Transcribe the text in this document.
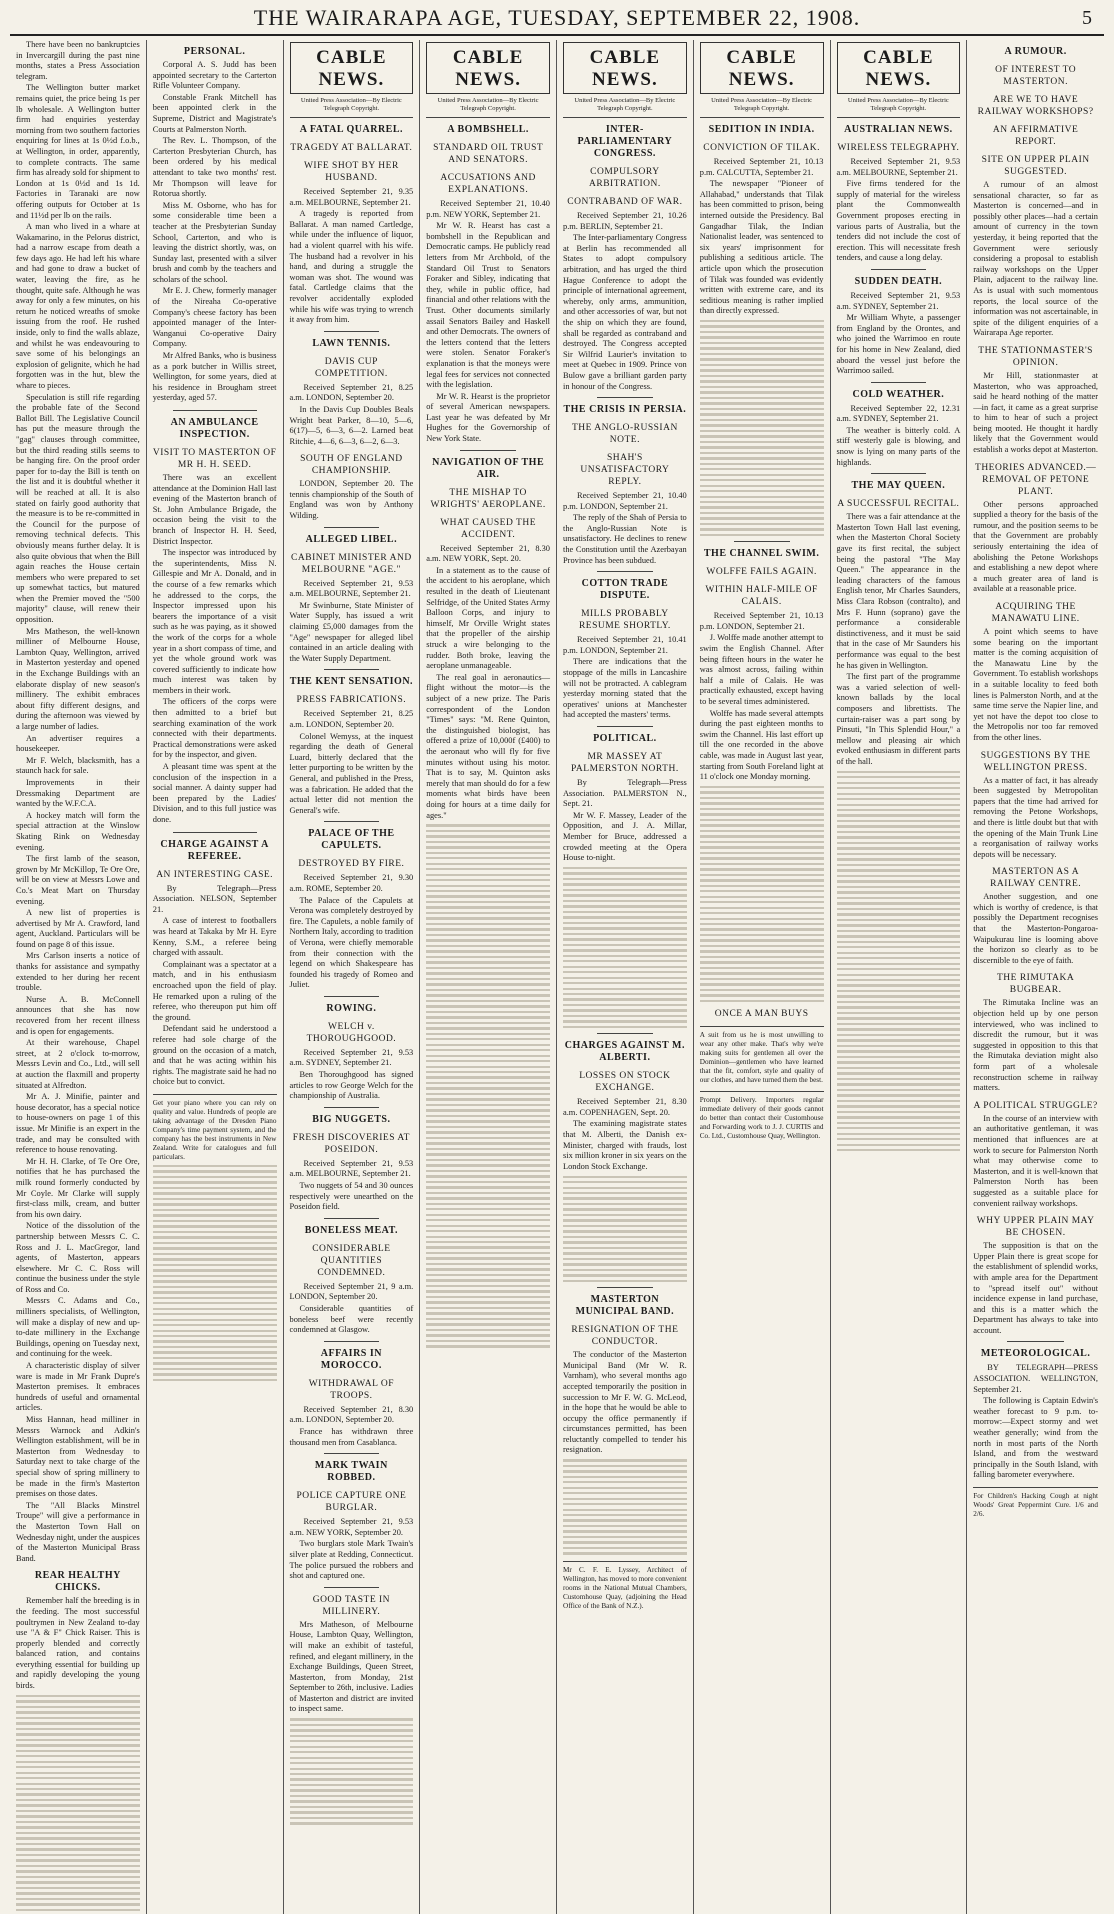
THE WAIRARAPA AGE, TUESDAY, SEPTEMBER 22, 1908.	5

There have been no bankruptcies in Invercargill during the past nine months, states a Press Association telegram.

The Wellington butter market remains quiet, the price being 1s per lb wholesale. A Wellington butter firm had enquiries yesterday morning from two southern factories enquiring for lines at 1s 0½d f.o.b., at Wellington, in order, apparently, to complete contracts. The same firm has already sold for shipment to London at 1s 0½d and 1s 1d. Factories in Taranaki are now offering outputs for October at 1s and 11½d per lb on the rails.

A man who lived in a whare at Wakamarino, in the Pelorus district, had a narrow escape from death a few days ago. He had left his whare and had gone to draw a bucket of water, leaving the fire, as he thought, quite safe. Although he was away for only a few minutes, on his return he noticed wreaths of smoke issuing from the roof. He rushed inside, only to find the walls ablaze, and whilst he was endeavouring to save some of his belongings an explosion of gelignite, which he had forgotten was in the hut, blew the whare to pieces.

Speculation is still rife regarding the probable fate of the Second Ballot Bill. The Legislative Council has put the measure through the "gag" clauses through committee, but the third reading stills seems to be hanging fire. On the proof order paper for to-day the Bill is tenth on the list and it is doubtful whether it will be reached at all. It is also stated on fairly good authority that the measure is to be re-committed in the Council for the purpose of removing technical defects. This obviously means further delay. It is also quite obvious that when the Bill again reaches the House certain members who were prepared to set up somewhat tactics, but matured when the Premier moved the "500 majority" clause, will renew their opposition.

Mrs Matheson, the well-known milliner of Melbourne House, Lambton Quay, Wellington, arrived in Masterton yesterday and opened in the Exchange Buildings with an elaborate display of new season's millinery. The exhibit embraces about fifty different designs, and during the afternoon was viewed by a large number of ladies.

An advertiser requires a housekeeper.

Mr F. Welch, blacksmith, has a staunch hack for sale.

Improvements in their Dressmaking Department are wanted by the W.F.C.A.

A hockey match will form the special attraction at the Winslow Skating Rink on Wednesday evening.

The first lamb of the season, grown by Mr McKillop, Te Ore Ore, will be on view at Messrs Lowe and Co.'s Meat Mart on Thursday evening.

A new list of properties is advertised by Mr A. Crawford, land agent, Auckland. Particulars will be found on page 8 of this issue.

Mrs Carlson inserts a notice of thanks for assistance and sympathy extended to her during her recent trouble.

Nurse A. B. McConnell announces that she has now recovered from her recent illness and is open for engagements.

At their warehouse, Chapel street, at 2 o'clock to-morrow, Messrs Levin and Co., Ltd., will sell at auction the flaxmill and property situated at Alfredton.

Mr A. J. Minifie, painter and house decorator, has a special notice to house-owners on page 1 of this issue. Mr Minifie is an expert in the trade, and may be consulted with reference to house renovating.

Mr H. H. Clarke, of Te Ore Ore, notifies that he has purchased the milk round formerly conducted by Mr Coyle. Mr Clarke will supply first-class milk, cream, and butter from his own dairy.

Notice of the dissolution of the partnership between Messrs C. C. Ross and J. L. MacGregor, land agents, of Masterton, appears elsewhere. Mr C. C. Ross will continue the business under the style of Ross and Co.

Messrs C. Adams and Co., milliners specialists, of Wellington, will make a display of new and up-to-date millinery in the Exchange Buildings, opening on Tuesday next, and continuing for the week.

A characteristic display of silver ware is made in Mr Frank Dupre's Masterton premises. It embraces hundreds of useful and ornamental articles.

Miss Hannan, head milliner in Messrs Warnock and Adkin's Wellington establishment, will be in Masterton from Wednesday to Saturday next to take charge of the special show of spring millinery to be made in the firm's Masterton premises on those dates.

The "All Blacks Minstrel Troupe" will give a performance in the Masterton Town Hall on Wednesday night, under the auspices of the Masterton Municipal Brass Band.

REAR HEALTHY CHICKS.

Remember half the breeding is in the feeding. The most successful poultrymen in New Zealand to-day use "A & F" Chick Raiser. This is properly blended and correctly balanced ration, and contains everything essential for building up and rapidly developing the young birds.

PERSONAL.

Corporal A. S. Judd has been appointed secretary to the Carterton Rifle Volunteer Company.

Constable Frank Mitchell has been appointed clerk in the Supreme, District and Magistrate's Courts at Palmerston North.

The Rev. L. Thompson, of the Carterton Presbyterian Church, has been ordered by his medical attendant to take two months' rest. Mr Thompson will leave for Rotorua shortly.

Miss M. Osborne, who has for some considerable time been a teacher at the Presbyterian Sunday School, Carterton, and who is leaving the district shortly, was, on Sunday last, presented with a silver brush and comb by the teachers and scholars of the school.

Mr E. J. Chew, formerly manager of the Nireaha Co-operative Company's cheese factory has been appointed manager of the Inter-Wanganui Co-operative Dairy Company.

Mr Alfred Banks, who is business as a pork butcher in Willis street, Wellington, for some years, died at his residence in Brougham street yesterday, aged 57.

AN AMBULANCE INSPECTION.
VISIT TO MASTERTON OF MR H. H. SEED.

There was an excellent attendance at the Dominion Hall last evening of the Masterton branch of St. John Ambulance Brigade, the occasion being the visit to the branch of Inspector H. H. Seed, District Inspector.

The inspector was introduced by the superintendents, Miss N. Gillespie and Mr A. Donald, and in the course of a few remarks which he addressed to the corps, the Inspector impressed upon his bearers the importance of a visit such as he was paying, as it showed the work of the corps for a whole year in a short compass of time, and yet the whole ground work was covered sufficiently to indicate how much interest was taken by members in their work.

The officers of the corps were then admitted to a brief but searching examination of the work connected with their departments. Practical demonstrations were asked for by the inspector, and given.

A pleasant time was spent at the conclusion of the inspection in a social manner. A dainty supper had been prepared by the Ladies' Division, and to this full justice was done.

CHARGE AGAINST A REFEREE.
AN INTERESTING CASE.
By Telegraph—Press Association. NELSON, September 21.

A case of interest to footballers was heard at Takaka by Mr H. Eyre Kenny, S.M., a referee being charged with assault.

Complainant was a spectator at a match, and in his enthusiasm encroached upon the field of play. He remarked upon a ruling of the referee, who thereupon put him off the ground.

Defendant said he understood a referee had sole charge of the ground on the occasion of a match, and that he was acting within his rights. The magistrate said he had no choice but to convict.

Get your piano where you can rely on quality and value. Hundreds of people are taking advantage of the Dresden Piano Company's time payment system, and the company has the best instruments in New Zealand. Write for catalogues and full particulars.
CABLE NEWS.
United Press Association—By Electric Telegraph Copyright.
A FATAL QUARREL.
TRAGEDY AT BALLARAT.
WIFE SHOT BY HER HUSBAND.
Received September 21, 9.35 a.m. MELBOURNE, September 21.

A tragedy is reported from Ballarat. A man named Cartledge, while under the influence of liquor, had a violent quarrel with his wife. The husband had a revolver in his hand, and during a struggle the woman was shot. The wound was fatal. Cartledge claims that the revolver accidentally exploded while his wife was trying to wrench it away from him.

LAWN TENNIS.
DAVIS CUP COMPETITION.
Received September 21, 8.25 a.m. LONDON, September 20.

In the Davis Cup Doubles Beals Wright beat Parker, 8—10, 5—6, 6(17)—5, 6—3, 6—2. Larned beat Ritchie, 4—6, 6—3, 6—2, 6—3.

SOUTH OF ENGLAND CHAMPIONSHIP.

LONDON, September 20. The tennis championship of the South of England was won by Anthony Wilding.

ALLEGED LIBEL.
CABINET MINISTER AND MELBOURNE "AGE."
Received September 21, 9.53 a.m. MELBOURNE, September 21.

Mr Swinburne, State Minister of Water Supply, has issued a writ claiming £5,000 damages from the "Age" newspaper for alleged libel contained in an article dealing with the Water Supply Department.

THE KENT SENSATION.
PRESS FABRICATIONS.
Received September 21, 8.25 a.m. LONDON, September 20.

Colonel Wemyss, at the inquest regarding the death of General Luard, bitterly declared that the letter purporting to be written by the General, and published in the Press, was a fabrication. He added that the actual letter did not mention the General's wife.

PALACE OF THE CAPULETS.
DESTROYED BY FIRE.
Received September 21, 9.30 a.m. ROME, September 20.

The Palace of the Capulets at Verona was completely destroyed by fire. The Capulets, a noble family of Northern Italy, according to tradition of Verona, were chiefly memorable from their connection with the legend on which Shakespeare has founded his tragedy of Romeo and Juliet.

ROWING.
WELCH v. THOROUGHGOOD.
Received September 21, 9.53 a.m. SYDNEY, September 21.

Ben Thoroughgood has signed articles to row George Welch for the championship of Australia.

BIG NUGGETS.
FRESH DISCOVERIES AT POSEIDON.
Received September 21, 9.53 a.m. MELBOURNE, September 21.

Two nuggets of 54 and 30 ounces respectively were unearthed on the Poseidon field.

BONELESS MEAT.
CONSIDERABLE QUANTITIES CONDEMNED.
Received September 21, 9 a.m. LONDON, September 20.

Considerable quantities of boneless beef were recently condemned at Glasgow.

AFFAIRS IN MOROCCO.
WITHDRAWAL OF TROOPS.
Received September 21, 8.30 a.m. LONDON, September 20.

France has withdrawn three thousand men from Casablanca.

MARK TWAIN ROBBED.
POLICE CAPTURE ONE BURGLAR.
Received September 21, 9.53 a.m. NEW YORK, September 20.

Two burglars stole Mark Twain's silver plate at Redding, Connecticut. The police pursued the robbers and shot and captured one.

GOOD TASTE IN MILLINERY.

Mrs Matheson, of Melbourne House, Lambton Quay, Wellington, will make an exhibit of tasteful, refined, and elegant millinery, in the Exchange Buildings, Queen Street, Masterton, from Monday, 21st September to 26th, inclusive. Ladies of Masterton and district are invited to inspect same.

CABLE NEWS.
United Press Association—By Electric Telegraph Copyright.
A BOMBSHELL.
STANDARD OIL TRUST AND SENATORS.
ACCUSATIONS AND EXPLANATIONS.
Received September 21, 10.40 p.m. NEW YORK, September 21.

Mr W. R. Hearst has cast a bombshell in the Republican and Democratic camps. He publicly read letters from Mr Archbold, of the Standard Oil Trust to Senators Foraker and Sibley, indicating that they, while in public office, had financial and other relations with the Trust. Other documents similarly assail Senators Bailey and Haskell and other Democrats. The owners of the letters contend that the letters were stolen. Senator Foraker's explanation is that the moneys were legal fees for services not connected with the legislation.

Mr W. R. Hearst is the proprietor of several American newspapers. Last year he was defeated by Mr Hughes for the Governorship of New York State.

NAVIGATION OF THE AIR.
THE MISHAP TO WRIGHTS' AEROPLANE.
WHAT CAUSED THE ACCIDENT.
Received September 21, 8.30 a.m. NEW YORK, Sept. 20.

In a statement as to the cause of the accident to his aeroplane, which resulted in the death of Lieutenant Selfridge, of the United States Army Balloon Corps, and injury to himself, Mr Orville Wright states that the propeller of the airship struck a wire belonging to the rudder. Both broke, leaving the aeroplane unmanageable.

The real goal in aeronautics—flight without the motor—is the subject of a new prize. The Paris correspondent of the London "Times" says: "M. Rene Quinton, the distinguished biologist, has offered a prize of 10,000f (£400) to the aeronaut who will fly for five minutes without using his motor. That is to say, M. Quinton asks merely that man should do for a few moments what birds have been doing for hours at a time daily for ages."

CABLE NEWS.
United Press Association—By Electric Telegraph Copyright.
INTER-PARLIAMENTARY CONGRESS.
COMPULSORY ARBITRATION.
CONTRABAND OF WAR.
Received September 21, 10.26 p.m. BERLIN, September 21.

The Inter-parliamentary Congress at Berlin has recommended all States to adopt compulsory arbitration, and has urged the third Hague Conference to adopt the principle of international agreement, whereby, only arms, ammunition, and other accessories of war, but not the ship on which they are found, shall be regarded as contraband and destroyed. The Congress accepted Sir Wilfrid Laurier's invitation to meet at Quebec in 1909. Prince von Bulow gave a brilliant garden party in honour of the Congress.

THE CRISIS IN PERSIA.
THE ANGLO-RUSSIAN NOTE.
SHAH'S UNSATISFACTORY REPLY.
Received September 21, 10.40 p.m. LONDON, September 21.

The reply of the Shah of Persia to the Anglo-Russian Note is unsatisfactory. He declines to renew the Constitution until the Azerbayan Province has been subdued.

COTTON TRADE DISPUTE.
MILLS PROBABLY RESUME SHORTLY.
Received September 21, 10.41 p.m. LONDON, September 21.

There are indications that the stoppage of the mills in Lancashire will not be protracted. A cablegram yesterday morning stated that the operatives' unions at Manchester had accepted the masters' terms.

POLITICAL.
MR MASSEY AT PALMERSTON NORTH.
By Telegraph—Press Association. PALMERSTON N., Sept. 21.

Mr W. F. Massey, Leader of the Opposition, and J. A. Millar, Member for Bruce, addressed a crowded meeting at the Opera House to-night.

CHARGES AGAINST M. ALBERTI.
LOSSES ON STOCK EXCHANGE.
Received September 21, 8.30 a.m. COPENHAGEN, Sept. 20.

The examining magistrate states that M. Alberti, the Danish ex-Minister, charged with frauds, lost six million kroner in six years on the London Stock Exchange.

MASTERTON MUNICIPAL BAND.
RESIGNATION OF THE CONDUCTOR.

The conductor of the Masterton Municipal Band (Mr W. R. Varnham), who several months ago accepted temporarily the position in succession to Mr F. W. G. McLeod, in the hope that he would be able to occupy the office permanently if circumstances permitted, has been reluctantly compelled to tender his resignation.

Mr C. F. E. Lyssey, Architect of Wellington, has moved to more convenient rooms in the National Mutual Chambers, Customhouse Quay, (adjoining the Head Office of the Bank of N.Z.).
CABLE NEWS.
United Press Association—By Electric Telegraph Copyright.
SEDITION IN INDIA.
CONVICTION OF TILAK.
Received September 21, 10.13 p.m. CALCUTTA, September 21.

The newspaper "Pioneer of Allahabad," understands that Tilak has been committed to prison, being interned outside the Presidency. Bal Gangadhar Tilak, the Indian Nationalist leader, was sentenced to six years' imprisonment for publishing a seditious article. The article upon which the prosecution of Tilak was founded was evidently written with extreme care, and its seditious meaning is rather implied than directly expressed.

THE CHANNEL SWIM.
WOLFFE FAILS AGAIN.
WITHIN HALF-MILE OF CALAIS.
Received September 21, 10.13 p.m. LONDON, September 21.

J. Wolffe made another attempt to swim the English Channel. After being fifteen hours in the water he was almost across, failing within half a mile of Calais. He was practically exhausted, except having to be several times administered.

Wolffe has made several attempts during the past eighteen months to swim the Channel. His last effort up till the one recorded in the above cable, was made in August last year, starting from South Foreland light at 11 o'clock one Monday morning.

ONCE A MAN BUYS
A suit from us he is most unwilling to wear any other make. That's why we're making suits for gentlemen all over the Dominion—gentlemen who have learned that the fit, comfort, style and quality of our clothes, and have turned them the best.
Prompt Delivery. Importers regular immediate delivery of their goods cannot do better than contact their Customhouse and Forwarding work to J. J. CURTIS and Co. Ltd., Customhouse Quay, Wellington.
CABLE NEWS.
United Press Association—By Electric Telegraph Copyright.
AUSTRALIAN NEWS.
WIRELESS TELEGRAPHY.
Received September 21, 9.53 a.m. MELBOURNE, September 21.

Five firms tendered for the supply of material for the wireless plant the Commonwealth Government proposes erecting in various parts of Australia, but the tenders did not include the cost of erection. This will necessitate fresh tenders, and cause a long delay.

SUDDEN DEATH.
Received September 21, 9.53 a.m. SYDNEY, September 21.

Mr William Whyte, a passenger from England by the Orontes, and who joined the Warrimoo en route for his home in New Zealand, died aboard the vessel just before the Warrimoo sailed.

COLD WEATHER.
Received September 22, 12.31 a.m. SYDNEY, September 21.

The weather is bitterly cold. A stiff westerly gale is blowing, and snow is lying on many parts of the highlands.

THE MAY QUEEN.
A SUCCESSFUL RECITAL.

There was a fair attendance at the Masterton Town Hall last evening, when the Masterton Choral Society gave its first recital, the subject being the pastoral "The May Queen." The appearance in the leading characters of the famous English tenor, Mr Charles Saunders, Miss Clara Robson (contralto), and Mrs F. Hunn (soprano) gave the performance a considerable distinctiveness, and it must be said that in the case of Mr Saunders his performance was equal to the best he has given in Wellington.

The first part of the programme was a varied selection of well-known ballads by the local composers and librettists. The curtain-raiser was a part song by Pinsuti, "In This Splendid Hour," a mellow and pleasing air which evoked enthusiasm in different parts of the hall.

A RUMOUR.
OF INTEREST TO MASTERTON.
ARE WE TO HAVE RAILWAY WORKSHOPS?
AN AFFIRMATIVE REPORT.
SITE ON UPPER PLAIN SUGGESTED.

A rumour of an almost sensational character, so far as Masterton is concerned—and in possibly other places—had a certain amount of currency in the town yesterday, it being reported that the Government were seriously considering a proposal to establish railway workshops on the Upper Plain, adjacent to the railway line. As is usual with such momentous reports, the local source of the information was not ascertainable, in spite of the diligent enquiries of a Wairarapa Age reporter.

THE STATIONMASTER'S OPINION.

Mr Hill, stationmaster at Masterton, who was approached, said he heard nothing of the matter—in fact, it came as a great surprise to him to hear of such a project being mooted. He thought it hardly likely that the Government would establish a works depot at Masterton.

THEORIES ADVANCED.—REMOVAL OF PETONE PLANT.

Other persons approached supplied a theory for the basis of the rumour, and the position seems to be that the Government are probably seriously entertaining the idea of abolishing the Petone Workshops and establishing a new depot where a much greater area of land is available at a reasonable price.

ACQUIRING THE MANAWATU LINE.

A point which seems to have some bearing on the important matter is the coming acquisition of the Manawatu Line by the Government. To establish workshops in a suitable locality to feed both lines is Palmerston North, and at the same time serve the Napier line, and yet not have the depot too close to the Metropolis nor too far removed from the other lines.

SUGGESTIONS BY THE WELLINGTON PRESS.

As a matter of fact, it has already been suggested by Metropolitan papers that the time had arrived for removing the Petone Workshops, and there is little doubt but that with the opening of the Main Trunk Line a reorganisation of railway works depots will be necessary.

MASTERTON AS A RAILWAY CENTRE.

Another suggestion, and one which is worthy of credence, is that possibly the Department recognises that the Masterton-Pongaroa-Waipukurau line is looming above the horizon so clearly as to be discernible to the eye of faith.

THE RIMUTAKA BUGBEAR.

The Rimutaka Incline was an objection held up by one person interviewed, who was inclined to discredit the rumour, but it was suggested in opposition to this that the Rimutaka deviation might also form part of a wholesale reconstruction scheme in railway matters.

A POLITICAL STRUGGLE?

In the course of an interview with an authoritative gentleman, it was mentioned that influences are at work to secure for Palmerston North what may otherwise come to Masterton, and it is well-known that Palmerston North has been suggested as a suitable place for convenient railway workshops.

WHY UPPER PLAIN MAY BE CHOSEN.

The supposition is that on the Upper Plain there is great scope for the establishment of splendid works, with ample area for the Department to "spread itself out" without incidence expense in land purchase, and this is a matter which the Department has always to take into account.

METEOROLOGICAL.
BY TELEGRAPH—PRESS ASSOCIATION. WELLINGTON, September 21.

The following is Captain Edwin's weather forecast to 9 p.m. to-morrow:—Expect stormy and wet weather generally; wind from the north in most parts of the North Island, and from the westward principally in the South Island, with falling barometer everywhere.

For Children's Hacking Cough at night Woods' Great Peppermint Cure. 1/6 and 2/6.
